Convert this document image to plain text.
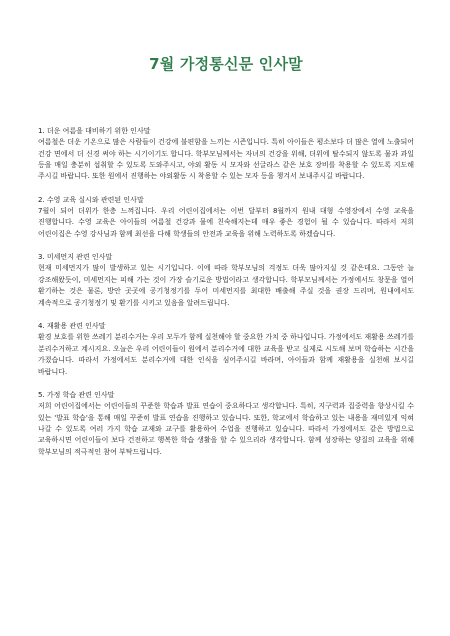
7월 가정통신문 인사말

1. 더운 여름을 대비하기 위한 인사말

여름철은 더운 기온으로 많은 사람들이 건강에 불편함을 느끼는 시즌입니다. 특히 아이들은 평소보다 더 많은 열에 노출되어 건강 면에서 더 신경 써야 하는 시기이기도 합니다. 학부모님께서는 자녀의 건강을 위해, 더위에 탈수되지 않도록 물과 과일 등을 매일 충분히 섭취할 수 있도록 도와주시고, 야외 활동 시 모자와 선글라스 같은 보호 장비를 착용할 수 있도록 지도해 주시길 바랍니다. 또한 원에서 진행하는 야외활동 시 착용할 수 있는 모자 등을 챙겨서 보내주시길 바랍니다.

2. 수영 교육 실시와 관련된 인사말

7월이 되어 더위가 한층 느껴집니다. 우리 어린이집에서는 이번 달부터 8월까지 원내 대형 수영장에서 수영 교육을 진행합니다. 수영 교육은 아이들의 여름철 건강과 물에 친숙해지는데 매우 좋은 경험이 될 수 있습니다. 따라서 저희 어린이집은 수영 강사님과 함께 최선을 다해 학생들의 안전과 교육을 위해 노력하도록 하겠습니다.

3. 미세먼지 관련 인사말

현재 미세먼지가 많이 발생하고 있는 시기입니다. 이에 따라 학부모님의 걱정도 더욱 많아지실 것 같은데요. 그동안 늘 강조해왔듯이, 미세먼지는 피해 가는 것이 가장 슬기로운 방법이라고 생각합니다. 학부모님께서는 가정에서도 창문을 열어 환기하는 것은 물론, 방안 곳곳에 공기청정기를 두어 미세먼지를 최대한 배출해 주실 것을 권장 드리며, 원내에서도 계속적으로 공기청정기 및 환기를 시키고 있음을 알려드립니다.

4. 재활용 관련 인사말

환경 보호를 위한 쓰레기 분리수거는 우리 모두가 함께 실천해야 할 중요한 가치 중 하나입니다. 가정에서도 재활용 쓰레기를 분리수거하고 계시지요. 오늘은 우리 어린이들이 원에서 분리수거에 대한 교육을 받고 실제로 시도해 보며 학습하는 시간을 가졌습니다. 따라서 가정에서도 분리수거에 대한 인식을 심어주시길 바라며, 아이들과 함께 재활용을 실천해 보시길 바랍니다.

5. 가정 학습 관련 인사말

저희 어린이집에서는 어린이들의 꾸준한 학습과 발표 연습이 중요하다고 생각합니다. 특히, 지구력과 집중력을 향상시킬 수 있는 '발표 학습'을 통해 매일 꾸준히 발표 연습을 진행하고 있습니다. 또한, 학교에서 학습하고 있는 내용을 재미있게 익혀 나갈 수 있도록 여러 가지 학습 교재와 교구를 활용하여 수업을 진행하고 있습니다. 따라서 가정에서도 같은 방법으로 교육하시면 어린이들이 보다 건전하고 행복한 학습 생활을 할 수 있으리라 생각합니다. 함께 성장하는 양질의 교육을 위해 학부모님의 적극적인 참여 부탁드립니다.
